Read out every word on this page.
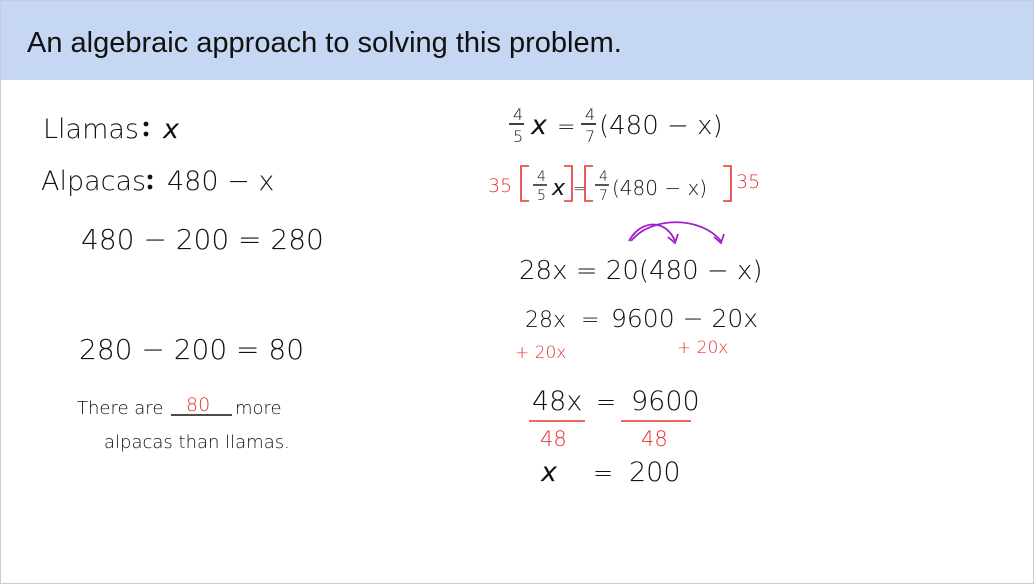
An algebraic approach to solving this problem.
Llamas x
Alpacas 480 − x
480 − 200 = 280
280 − 200 = 80
There are 80 more
alpacas than llamas.
4
5 x =
4
7 (480 − x)
35 4
5 x =
4
7 (480 − x) 35
28x = 20(480 − x)
28x = 9600 − 20x
+ 20x	+ 20x
48x = 9600
48	48
x = 200
